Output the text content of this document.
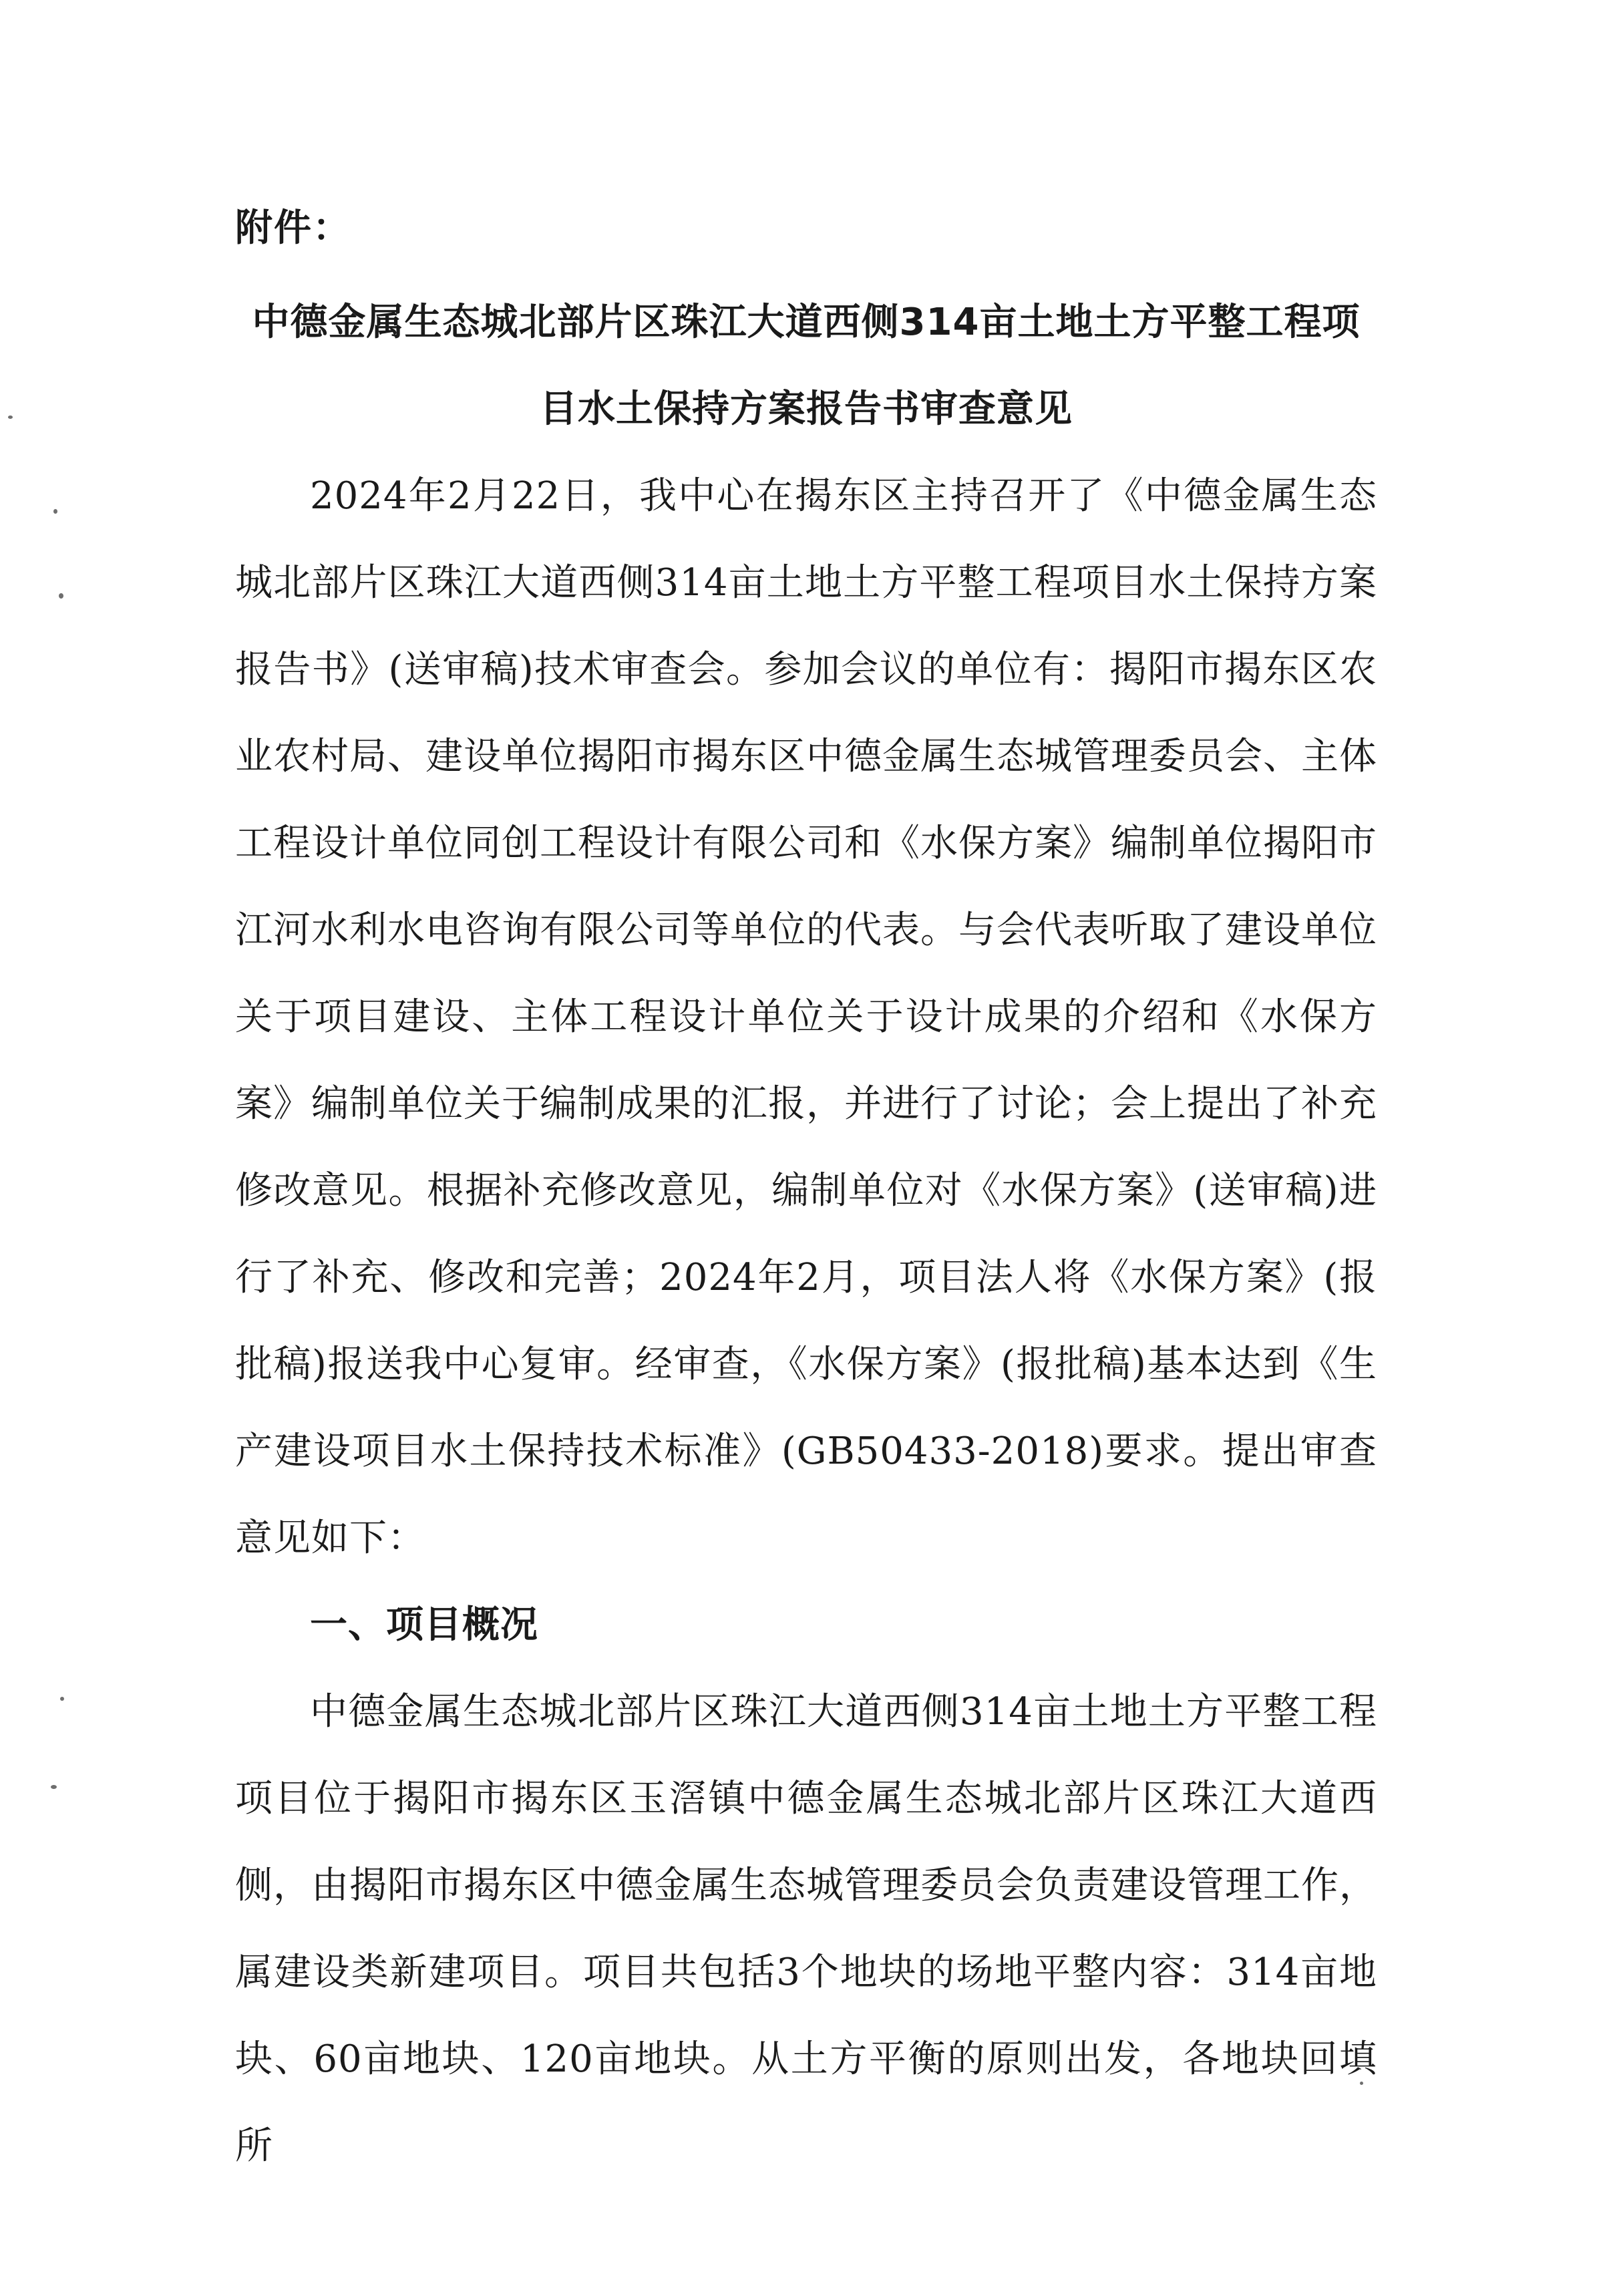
附件：

中德金属生态城北部片区珠江大道西侧314亩土地土方平整工程项

目水土保持方案报告书审查意见

2024年2月22日，我中心在揭东区主持召开了《中德金属生态城北部片区珠江大道西侧314亩土地土方平整工程项目水土保持方案报告书》(送审稿)技术审查会。参加会议的单位有：揭阳市揭东区农业农村局、建设单位揭阳市揭东区中德金属生态城管理委员会、主体工程设计单位同创工程设计有限公司和《水保方案》编制单位揭阳市江河水利水电咨询有限公司等单位的代表。与会代表听取了建设单位关于项目建设、主体工程设计单位关于设计成果的介绍和《水保方案》编制单位关于编制成果的汇报，并进行了讨论；会上提出了补充修改意见。根据补充修改意见，编制单位对《水保方案》(送审稿)进行了补充、修改和完善；2024年2月，项目法人将《水保方案》(报批稿)报送我中心复审。经审查，《水保方案》(报批稿)基本达到《生产建设项目水土保持技术标准》(GB50433-2018)要求。提出审查意见如下：

一、项目概况

中德金属生态城北部片区珠江大道西侧314亩土地土方平整工程项目位于揭阳市揭东区玉滘镇中德金属生态城北部片区珠江大道西侧，由揭阳市揭东区中德金属生态城管理委员会负责建设管理工作，属建设类新建项目。项目共包括3个地块的场地平整内容：314亩地块、60亩地块、120亩地块。从土方平衡的原则出发，各地块回填所
